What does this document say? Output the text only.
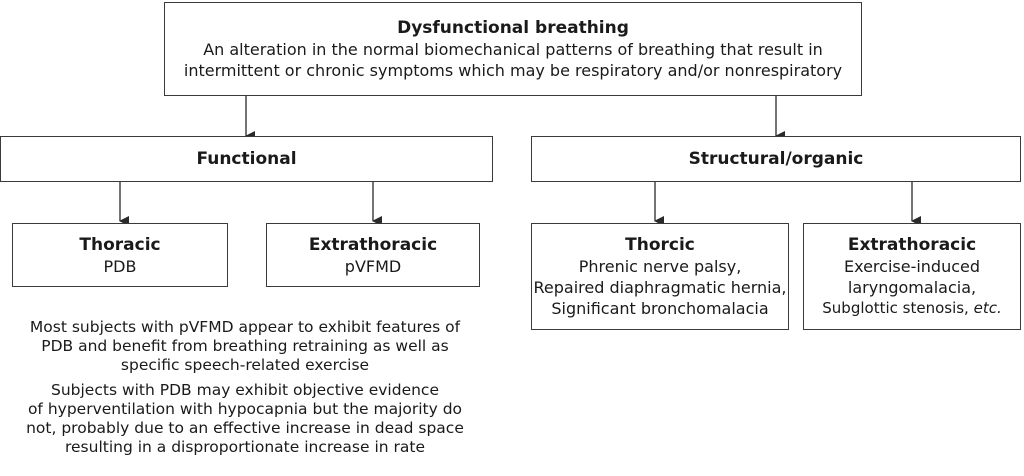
Dysfunctional breathing
An alteration in the normal biomechanical patterns of breathing that result in
intermittent or chronic symptoms which may be respiratory and/or nonrespiratory
Functional	Structural/organic
Thoracic
PDB
Extrathoracic
pVFMD
Thorcic
Phrenic nerve palsy,
Repaired diaphragmatic hernia,
Significant bronchomalacia
Extrathoracic
Exercise-induced
laryngomalacia,
Subglottic stenosis, etc.
Most subjects with pVFMD appear to exhibit features of
PDB and benefit from breathing retraining as well as
specific speech-related exercise
Subjects with PDB may exhibit objective evidence
of hyperventilation with hypocapnia but the majority do
not, probably due to an effective increase in dead space
resulting in a disproportionate increase in rate
